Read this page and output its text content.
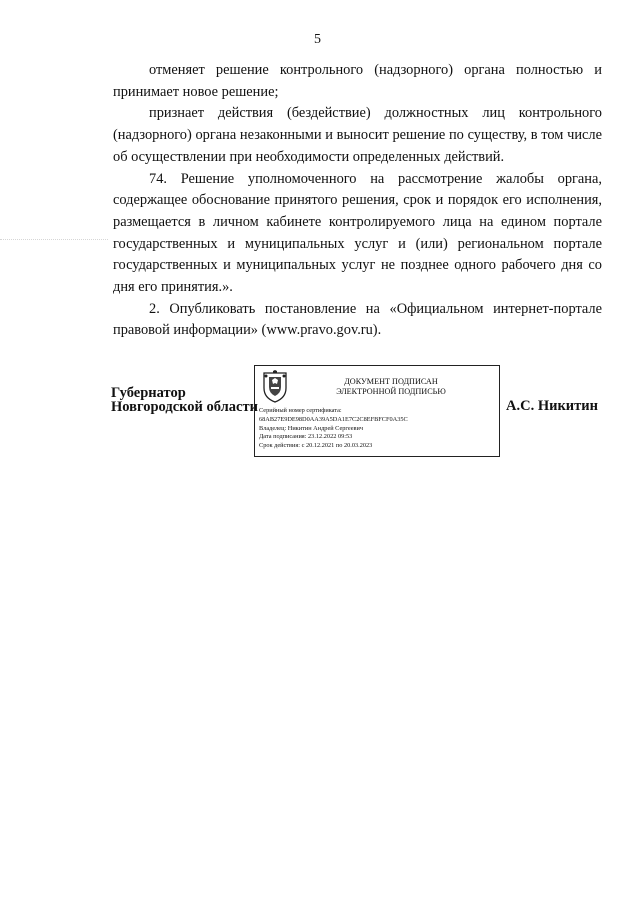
5

отменяет решение контрольного (надзорного) органа полностью и принимает новое решение;

признает действия (бездействие) должностных лиц контрольного (надзорного) органа незаконными и выносит решение по существу, в том числе об осуществлении при необходимости определенных действий.

74. Решение уполномоченного на рассмотрение жалобы органа, содержащее обоснование принятого решения, срок и порядок его исполнения, размещается в личном кабинете контролируемого лица на едином портале государственных и муниципальных услуг и (или) региональном портале государственных и муниципальных услуг не позднее одного рабочего дня со дня его принятия.».

2. Опубликовать постановление на «Официальном интернет-портале правовой информации» (www.pravo.gov.ru).

Губернатор
Новгородской области
ДОКУМЕНТ ПОДПИСАН
ЭЛЕКТРОННОЙ ПОДПИСЬЮ
Серийный номер сертификата:
68AB27E9DE98D0AA39A5DA1E7C2C8EFBFCF0A35C
Владелец: Никитин Андрей Сергеевич
Дата подписания: 23.12.2022 09:53
Срок действия: с 20.12.2021 по 20.03.2023
А.С. Никитин
